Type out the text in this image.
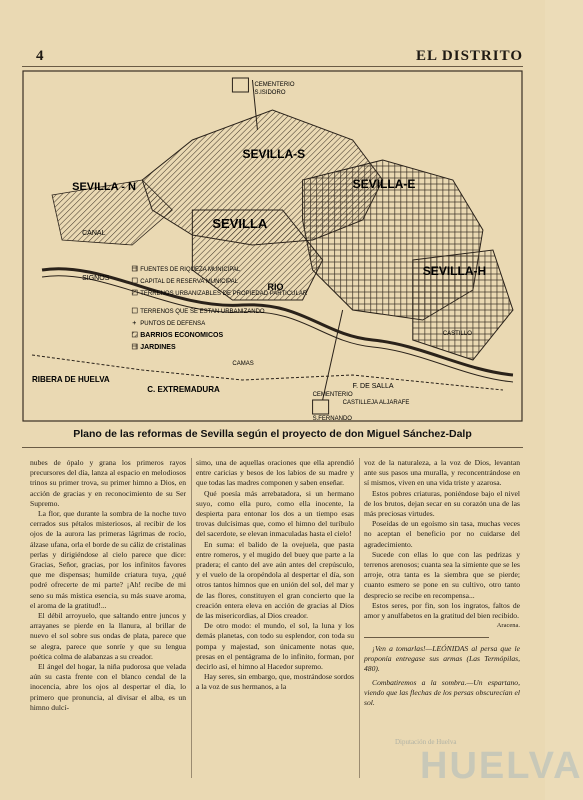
4	EL DISTRITO
CEMENTERIO
S.ISIDORO
SEVILLA - N
SEVILLA-S
SEVILLA-E
SEVILLA
SEVILLA-H
CANAL
SIGNOS
RIO
RIBERA DE HUELVA
C. EXTREMADURA
CAMAS
F. DE SALLA
CASTILLEJA ALJARAFE
CASTILLO
CEMENTERIO
S.FERNANDO
FUENTES DE RIQUEZA MUNICIPAL
CAPITAL DE RESERVA MUNICIPAL
TERRENOS URBANIZABLES DE PROPIEDAD PARTICULAR
TERRENOS QUE SE ESTAN URBANIZANDO
+ PUNTOS DE DEFENSA
BARRIOS ECONOMICOS
JARDINES
Plano de las reformas de Sevilla según el proyecto de don Miguel Sánchez-Dalp

nubes de ópalo y grana los primeros rayos precursores del día, lanza al espacio en melodiosos trinos su primer trova, su primer himno a Dios, en acción de gracias y en reconocimiento de su Ser Supremo.

La flor, que durante la sombra de la noche tuvo cerrados sus pétalos misteriosos, al recibir de los ojos de la aurora las primeras lágrimas de rocío, álzase ufana, orla el borde de su cáliz de cristalinas perlas y dirigiéndose al cielo parece que dice: Gracias, Señor, gracias, por los infinitos favores que me dispensas; humilde criatura tuya, ¿qué podré ofrecerte de mi parte? ¡Ah! recibe de mi seno su más mística esencia, su más suave aroma, el aroma de la gratitud!...

El débil arroyuelo, que saltando entre juncos y arrayanes se pierde en la llanura, al brillar de nuevo el sol sobre sus ondas de plata, parece que se alegra, parece que sonríe y que su lengua poética colma de alabanzas a su creador.

El ángel del hogar, la niña pudorosa que velada aún su casta frente con el blanco cendal de la inocencia, abre los ojos al despertar el día, lo primero que pronuncia, al divisar el alba, es un himno dulcí-

simo, una de aquellas oraciones que ella aprendió entre caricias y besos de los labios de su madre y que todas las madres componen y saben enseñar.

Qué poesía más arrebatadora, si un hermano suyo, como ella puro, como ella inocente, la despierta para entonar los dos a un tiempo esas trovas dulcísimas que, como el himno del turíbulo del sacerdote, se elevan inmaculadas hasta el cielo!

En suma: el balido de la ovejuela, que pasta entre romeros, y el mugido del buey que parte a la pradera; el canto del ave aún antes del crepúsculo, y el vuelo de la oropéndola al despertar el día, son otros tantos himnos que en unión del sol, del mar y de las flores, constituyen el gran concierto que la creación entera eleva en acción de gracias al Dios de las misericordias, al Dios creador.

De otro modo: el mundo, el sol, la luna y los demás planetas, con todo su esplendor, con toda su pompa y majestad, son únicamente notas que, presas en el pentágrama de lo infinito, forman, por decirlo así, el himno al Hacedor supremo.

Hay seres, sin embargo, que, mostrándose sordos a la voz de sus hermanos, a la

voz de la naturaleza, a la voz de Dios, levantan ante sus pasos una muralla, y reconcentrándose en sí mismos, viven en una vida triste y azarosa.

Estos pobres criaturas, poniéndose bajo el nivel de los brutos, dejan secar en su corazón una de las más preciosas virtudes.

Poseídas de un egoísmo sin tasa, muchas veces no aceptan el beneficio por no cuidarse del agradecimiento.

Sucede con ellas lo que con las pedrizas y terrenos arenosos; cuanta sea la simiente que se les arroje, otra tanta es la siembra que se pierde; cuanto esmero se pone en su cultivo, otro tanto desprecio se recibe en recompensa...

Estos seres, por fin, son los ingratos, faltos de amor y anulfabetos en la gratitud del bien recibido.

Aracena.

¡Ven a tomarlas!—LEÓNIDAS al persa que le proponía entregase sus armas (Las Termópilas, 480).

Combatiremos a la sombra.—Un espartano, viendo que las flechas de los persas obscurecían el sol.

Diputación de Huelva
HUELVA
